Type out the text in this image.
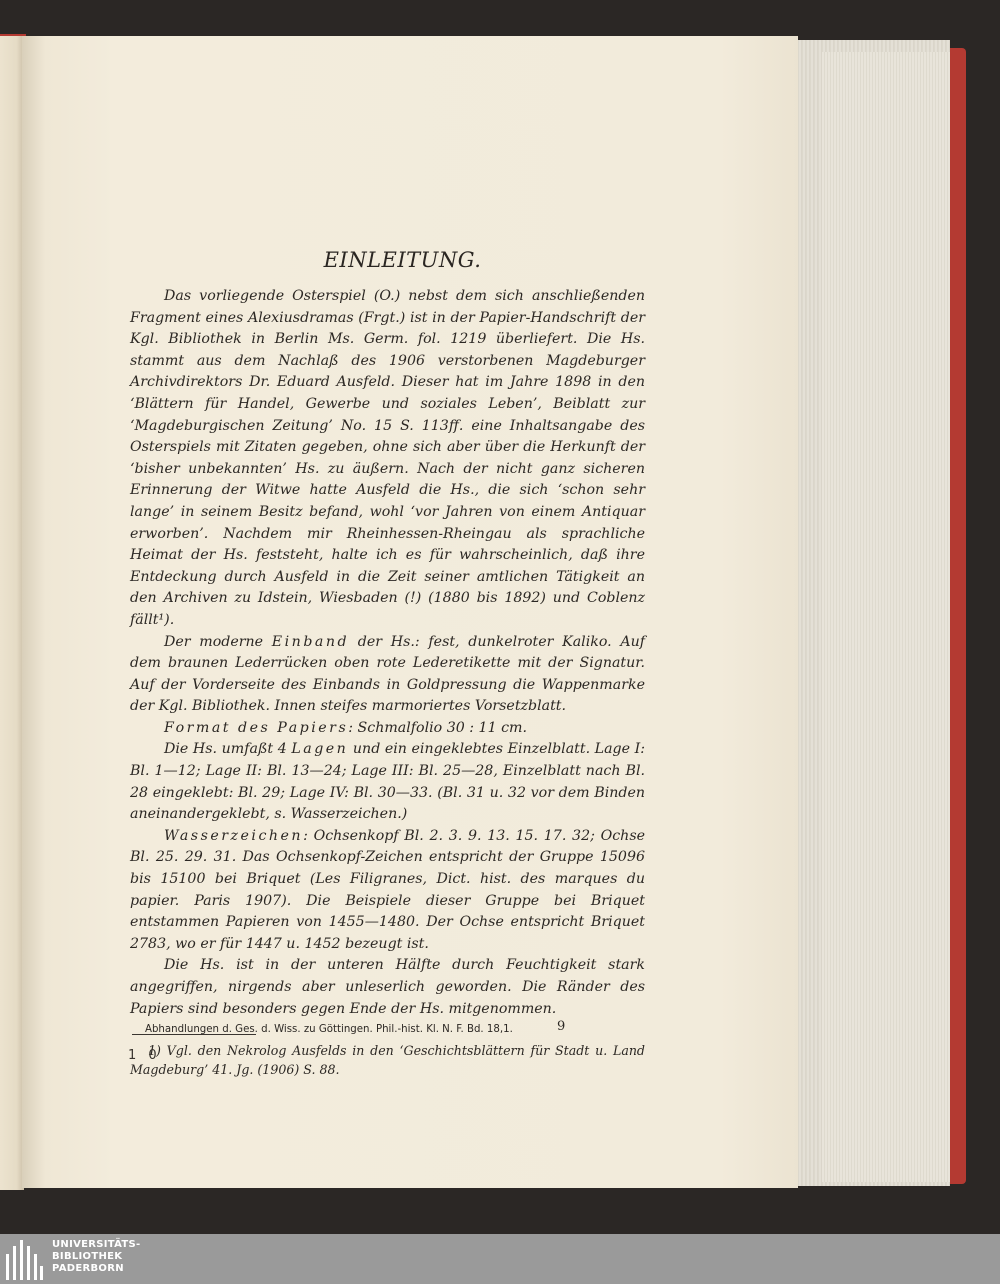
EINLEITUNG.

Das vorliegende Osterspiel (O.) nebst dem sich anschließenden Fragment eines Alexiusdramas (Frgt.) ist in der Papier-Handschrift der Kgl. Bibliothek in Berlin Ms. Germ. fol. 1219 überliefert. Die Hs. stammt aus dem Nachlaß des 1906 verstorbenen Magdeburger Archivdirektors Dr. Eduard Ausfeld. Dieser hat im Jahre 1898 in den ‘Blättern für Handel, Gewerbe und soziales Leben’, Beiblatt zur ‘Magdeburgischen Zeitung’ No. 15 S. 113ff. eine Inhaltsangabe des Osterspiels mit Zitaten gegeben, ohne sich aber über die Herkunft der ‘bisher unbekannten’ Hs. zu äußern. Nach der nicht ganz sicheren Erinnerung der Witwe hatte Ausfeld die Hs., die sich ‘schon sehr lange’ in seinem Besitz befand, wohl ‘vor Jahren von einem Antiquar erworben’. Nachdem mir Rheinhessen-Rheingau als sprachliche Heimat der Hs. feststeht, halte ich es für wahrscheinlich, daß ihre Entdeckung durch Ausfeld in die Zeit seiner amtlichen Tätigkeit an den Archiven zu Idstein, Wiesbaden (!) (1880 bis 1892) und Coblenz fällt¹).

Der moderne Einband der Hs.: fest, dunkelroter Kaliko. Auf dem braunen Lederrücken oben rote Lederetikette mit der Signatur. Auf der Vorderseite des Einbands in Goldpressung die Wappenmarke der Kgl. Bibliothek. Innen steifes marmoriertes Vorsetzblatt.

Format des Papiers: Schmalfolio 30 : 11 cm.

Die Hs. umfaßt 4 Lagen und ein eingeklebtes Einzelblatt. Lage I: Bl. 1—12; Lage II: Bl. 13—24; Lage III: Bl. 25—28, Einzelblatt nach Bl. 28 eingeklebt: Bl. 29; Lage IV: Bl. 30—33. (Bl. 31 u. 32 vor dem Binden aneinandergeklebt, s. Wasserzeichen.)

Wasserzeichen: Ochsenkopf Bl. 2. 3. 9. 13. 15. 17. 32; Ochse Bl. 25. 29. 31. Das Ochsenkopf-Zeichen entspricht der Gruppe 15096 bis 15100 bei Briquet (Les Filigranes, Dict. hist. des marques du papier. Paris 1907). Die Beispiele dieser Gruppe bei Briquet entstammen Papieren von 1455—1480. Der Ochse entspricht Briquet 2783, wo er für 1447 u. 1452 bezeugt ist.

Die Hs. ist in der unteren Hälfte durch Feuchtigkeit stark angegriffen, nirgends aber unleserlich geworden. Die Ränder des Papiers sind besonders gegen Ende der Hs. mitgenommen.

1) Vgl. den Nekrolog Ausfelds in den ‘Geschichtsblättern für Stadt u. Land Magdeburg’ 41. Jg. (1906) S. 88.

Abhandlungen d. Ges. d. Wiss. zu Göttingen. Phil.-hist. Kl. N. F. Bd. 18,1.	9
1 0
UNIVERSITÄTS-
BIBLIOTHEK
PADERBORN
